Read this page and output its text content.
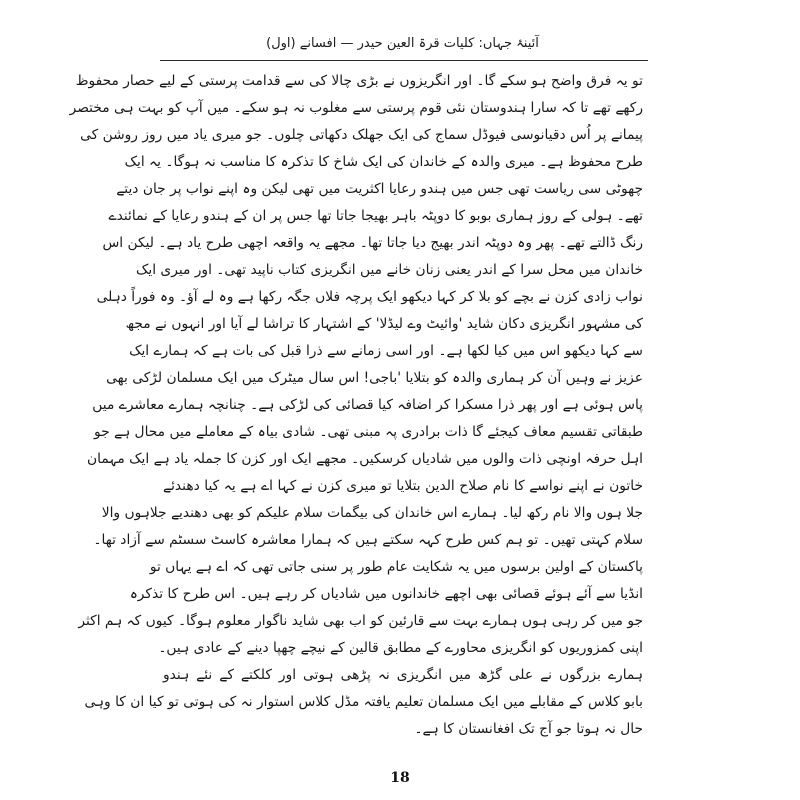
آئینۂ جہاں: کلیات قرۃ العین حیدر — افسانے (اول)
تو یہ فرق واضح ہو سکے گا۔ اور انگریزوں نے بڑی چالا کی سے قدامت پرستی کے لیے حصار محفوظ
رکھے تھے تا کہ سارا ہندوستان نئی قوم پرستی سے مغلوب نہ ہو سکے۔ میں آپ کو بہت ہی مختصر
پیمانے پر اُس دقیانوسی فیوڈل سماج کی ایک جھلک دکھاتی چلوں۔ جو میری یاد میں روز روشن کی
طرح محفوظ ہے۔ میری والدہ کے خاندان کی ایک شاخ کا تذکرہ کا مناسب نہ ہوگا۔ یہ ایک
چھوٹی سی ریاست تھی جس میں ہندو رعایا اکثریت میں تھی لیکن وہ اپنے نواب پر جان دیتے
تھے۔ ہولی کے روز ہماری بوبو کا دوپٹہ باہر بھیجا جاتا تھا جس پر ان کے ہندو رعایا کے نمائندے
رنگ ڈالتے تھے۔ پھر وہ دوپٹہ اندر بھیج دیا جاتا تھا۔ مجھے یہ واقعہ اچھی طرح یاد ہے۔ لیکن اس
خاندان میں محل سرا کے اندر یعنی زنان خانے میں انگریزی کتاب ناپید تھی۔ اور میری ایک
نواب زادی کزن نے بچے کو بلا کر کہا دیکھو ایک پرچہ فلاں جگہ رکھا ہے وہ لے آؤ۔ وہ فوراً دہلی
کی مشہور انگریزی دکان شاید 'وائیٹ وے لیڈلا' کے اشتہار کا تراشا لے آیا اور انہوں نے مجھ
سے کہا دیکھو اس میں کیا لکھا ہے۔ اور اسی زمانے سے ذرا قبل کی بات ہے کہ ہمارے ایک
عزیز نے وہیں آن کر ہماری والدہ کو بتلایا 'باجی! اس سال میٹرک میں ایک مسلمان لڑکی بھی
پاس ہوئی ہے اور پھر ذرا مسکرا کر اضافہ کیا قصائی کی لڑکی ہے۔ چنانچہ ہمارے معاشرے میں
طبقاتی تقسیم معاف کیجئے گا ذات برادری پہ مبنی تھی۔ شادی بیاہ کے معاملے میں محال ہے جو
اہل حرفہ اونچی ذات والوں میں شادیاں کرسکیں۔ مجھے ایک اور کزن کا جملہ یاد ہے ایک مہمان
خاتون نے اپنے نواسے کا نام صلاح الدین بتلایا تو میری کزن نے کہا اے ہے یہ کیا دھندئے
جلا ہوں والا نام رکھ لیا۔ ہمارے اس خاندان کی بیگمات سلام علیکم کو بھی دھندیے جلاہوں والا
سلام کہتی تھیں۔ تو ہم کس طرح کہہ سکتے ہیں کہ ہمارا معاشرہ کاسٹ سسٹم سے آزاد تھا۔
پاکستان کے اولین برسوں میں یہ شکایت عام طور پر سنی جاتی تھی کہ اے ہے یہاں تو
انڈیا سے آئے ہوئے قصائی بھی اچھے خاندانوں میں شادیاں کر رہے ہیں۔ اس طرح کا تذکرہ
جو میں کر رہی ہوں ہمارے بہت سے قارئین کو اب بھی شاید ناگوار معلوم ہوگا۔ کیوں کہ ہم اکثر
اپنی کمزوریوں کو انگریزی محاورے کے مطابق قالین کے نیچے چھپا دینے کے عادی ہیں۔
ہمارے بزرگوں نے علی گڑھ میں انگریزی نہ پڑھی ہوتی اور کلکتے کے نئے ہندو
بابو کلاس کے مقابلے میں ایک مسلمان تعلیم یافتہ مڈل کلاس استوار نہ کی ہوتی تو کیا ان کا وہی
حال نہ ہوتا جو آج تک افغانستان کا ہے۔
18
